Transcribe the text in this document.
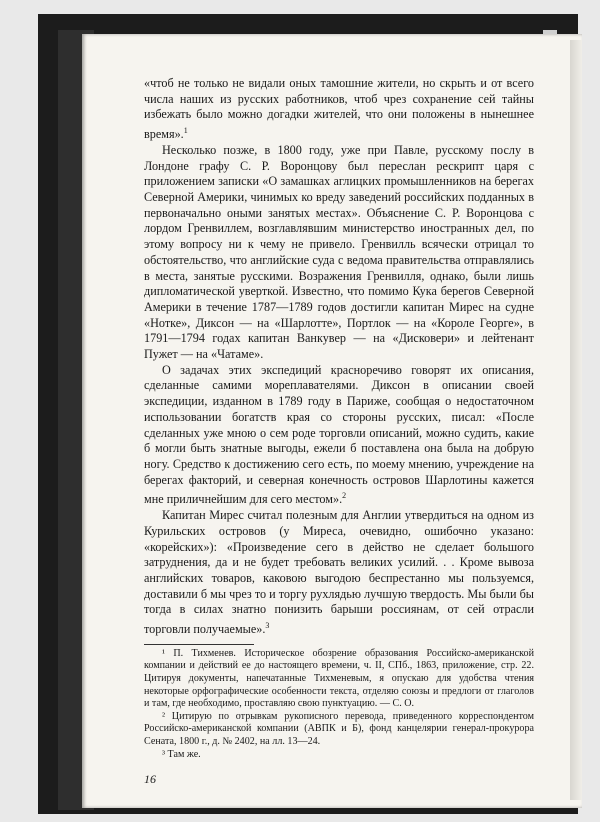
«чтоб не только не видали оных тамошние жители, но скрыть и от всего числа наших из русских работников, чтоб чрез сохранение сей тайны избежать было можно догадки жителей, что они положены в нынешнее время».$^1$

Несколько позже, в 1800 году, уже при Павле, русскому послу в Лондоне графу С. Р. Воронцову был переслан рескрипт царя с приложением записки «О замашках аглицких промышленников на берегах Северной Америки, чинимых ко вреду заведений российских подданных в первоначально оными занятых местах». Объяснение С. Р. Воронцова с лордом Гренвиллем, возглавлявшим министерство иностранных дел, по этому вопросу ни к чему не привело. Гренвилль всячески отрицал то обстоятельство, что английские суда с ведома правительства отправлялись в места, занятые русскими. Возражения Гренвилля, однако, были лишь дипломатической уверткой. Известно, что помимо Кука берегов Северной Америки в течение 1787—1789 годов достигли капитан Мирес на судне «Нотке», Диксон — на «Шарлотте», Портлок — на «Короле Георге», в 1791—1794 годах капитан Ванкувер — на «Дисковери» и лейтенант Пужет — на «Чатаме».

О задачах этих экспедиций красноречиво говорят их описания, сделанные самими мореплавателями. Диксон в описании своей экспедиции, изданном в 1789 году в Париже, сообщая о недостаточном использовании богатств края со стороны русских, писал: «После сделанных уже мною о сем роде торговли описаний, можно судить, какие б могли быть знатные выгоды, ежели б поставлена она была на добрую ногу. Средство к достижению сего есть, по моему мнению, учреждение на берегах факторий, и северная конечность островов Шарлотины кажется мне приличнейшим для сего местом».$^2$

Капитан Мирес считал полезным для Англии утвердиться на одном из Курильских островов (у Миреса, очевидно, ошибочно указано: «корейских»): «Произведение сего в действо не сделает большого затруднения, да и не будет требовать великих усилий. . . Кроме вывоза английских товаров, каковою выгодою беспрестанно мы пользуемся, доставили б мы чрез то и торгу рухлядью лучшую твердость. Мы были бы тогда в силах знатно понизить барыши россиянам, от сей отрасли торговли получаемые».$^3$

¹ П. Тихменев. Историческое обозрение образования Российско-американской компании и действий ее до настоящего времени, ч. II, СПб., 1863, приложение, стр. 22. Цитируя документы, напечатанные Тихменевым, я опускаю для удобства чтения некоторые орфографические особенности текста, отделяю союзы и предлоги от глаголов и там, где необходимо, проставляю свою пунктуацию. — С. О.

² Цитирую по отрывкам рукописного перевода, приведенного корреспондентом Российско-американской компании (АВПК и Б), фонд канцелярии генерал-прокурора Сената, 1800 г., д. № 2402, на лл. 13—24.

³ Там же.

16
